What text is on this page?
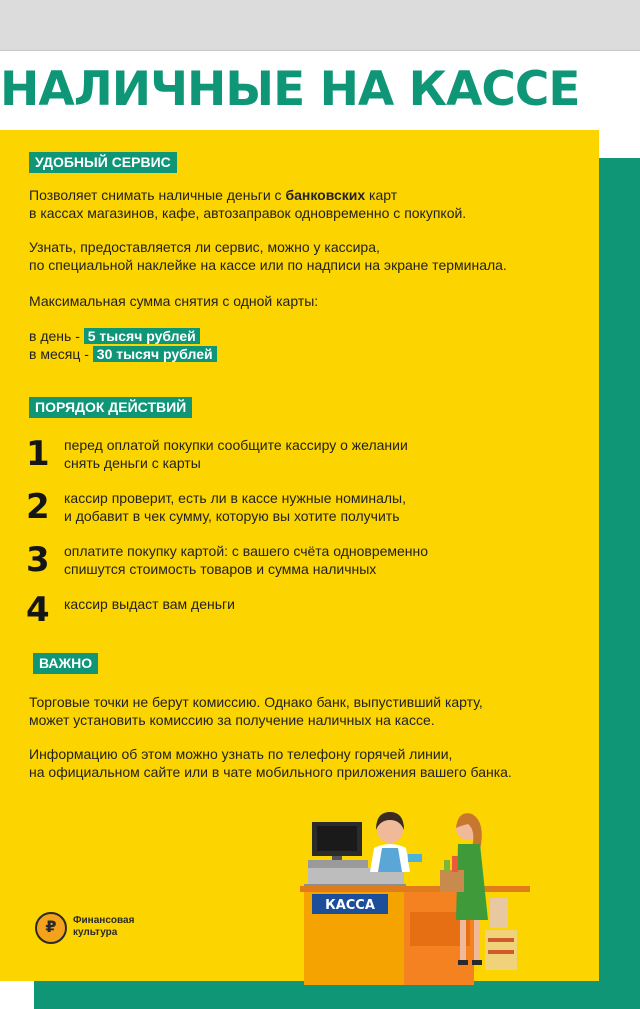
НАЛИЧНЫЕ НА КАССЕ
УДОБНЫЙ СЕРВИС
Позволяет снимать наличные деньги с банковских карт
в кассах магазинов, кафе, автозаправок одновременно с покупкой.
Узнать, предоставляется ли сервис, можно у кассира,
по специальной наклейке на кассе или по надписи на экране терминала.
Максимальная сумма снятия с одной карты:
в день - 5 тысяч рублей
в месяц - 30 тысяч рублей
ПОРЯДОК ДЕЙСТВИЙ
1 перед оплатой покупки сообщите кассиру о желании
снять деньги с карты
2 кассир проверит, есть ли в кассе нужные номиналы,
и добавит в чек сумму, которую вы хотите получить
3 оплатите покупку картой: с вашего счёта одновременно
спишутся стоимость товаров и сумма наличных
4 кассир выдаст вам деньги
ВАЖНО
Торговые точки не берут комиссию. Однако банк, выпустивший карту,
может установить комиссию за получение наличных на кассе.
Информацию об этом можно узнать по телефону горячей линии,
на официальном сайте или в чате мобильного приложения вашего банка.
₽	Финансовая
культура
КАССА
